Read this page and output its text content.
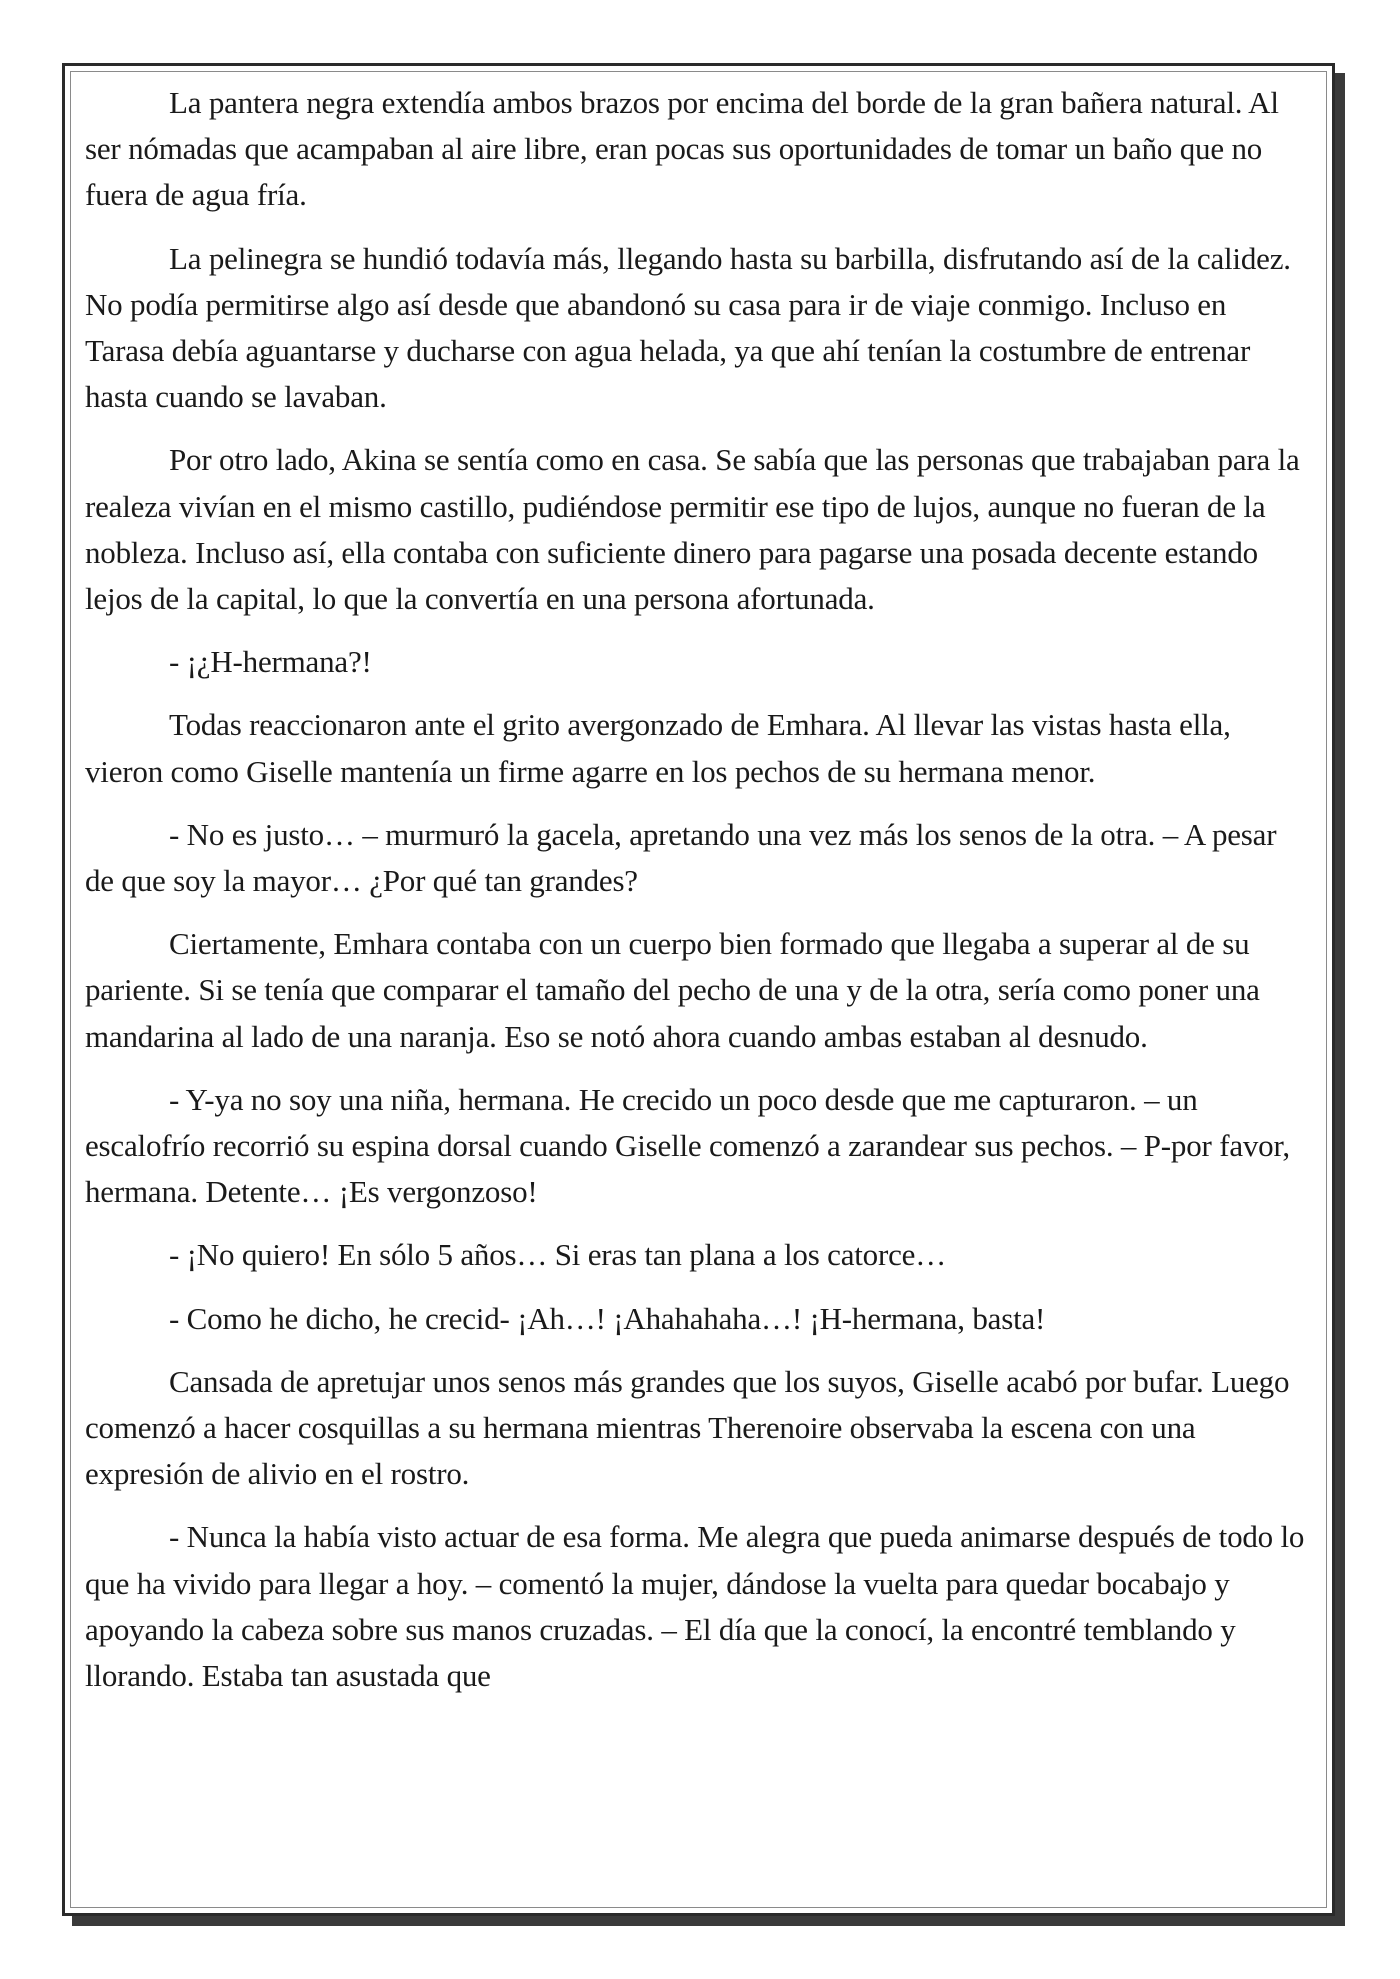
La pantera negra extendía ambos brazos por encima del borde de la gran bañera natural. Al ser nómadas que acampaban al aire libre, eran pocas sus oportunidades de tomar un baño que no fuera de agua fría.

La pelinegra se hundió todavía más, llegando hasta su barbilla, disfrutando así de la calidez. No podía permitirse algo así desde que abandonó su casa para ir de viaje conmigo. Incluso en Tarasa debía aguantarse y ducharse con agua helada, ya que ahí tenían la costumbre de entrenar hasta cuando se lavaban.

Por otro lado, Akina se sentía como en casa. Se sabía que las personas que trabajaban para la realeza vivían en el mismo castillo, pudiéndose permitir ese tipo de lujos, aunque no fueran de la nobleza. Incluso así, ella contaba con suficiente dinero para pagarse una posada decente estando lejos de la capital, lo que la convertía en una persona afortunada.

- ¡¿H-hermana?!

Todas reaccionaron ante el grito avergonzado de Emhara. Al llevar las vistas hasta ella, vieron como Giselle mantenía un firme agarre en los pechos de su hermana menor.

- No es justo… – murmuró la gacela, apretando una vez más los senos de la otra. – A pesar de que soy la mayor… ¿Por qué tan grandes?

Ciertamente, Emhara contaba con un cuerpo bien formado que llegaba a superar al de su pariente. Si se tenía que comparar el tamaño del pecho de una y de la otra, sería como poner una mandarina al lado de una naranja. Eso se notó ahora cuando ambas estaban al desnudo.

- Y-ya no soy una niña, hermana. He crecido un poco desde que me capturaron. – un escalofrío recorrió su espina dorsal cuando Giselle comenzó a zarandear sus pechos. – P-por favor, hermana. Detente… ¡Es vergonzoso!

- ¡No quiero! En sólo 5 años… Si eras tan plana a los catorce…

- Como he dicho, he crecid- ¡Ah…! ¡Ahahahaha…! ¡H-hermana, basta!

Cansada de apretujar unos senos más grandes que los suyos, Giselle acabó por bufar. Luego comenzó a hacer cosquillas a su hermana mientras Therenoire observaba la escena con una expresión de alivio en el rostro.

- Nunca la había visto actuar de esa forma. Me alegra que pueda animarse después de todo lo que ha vivido para llegar a hoy. – comentó la mujer, dándose la vuelta para quedar bocabajo y apoyando la cabeza sobre sus manos cruzadas. – El día que la conocí, la encontré temblando y llorando. Estaba tan asustada que
